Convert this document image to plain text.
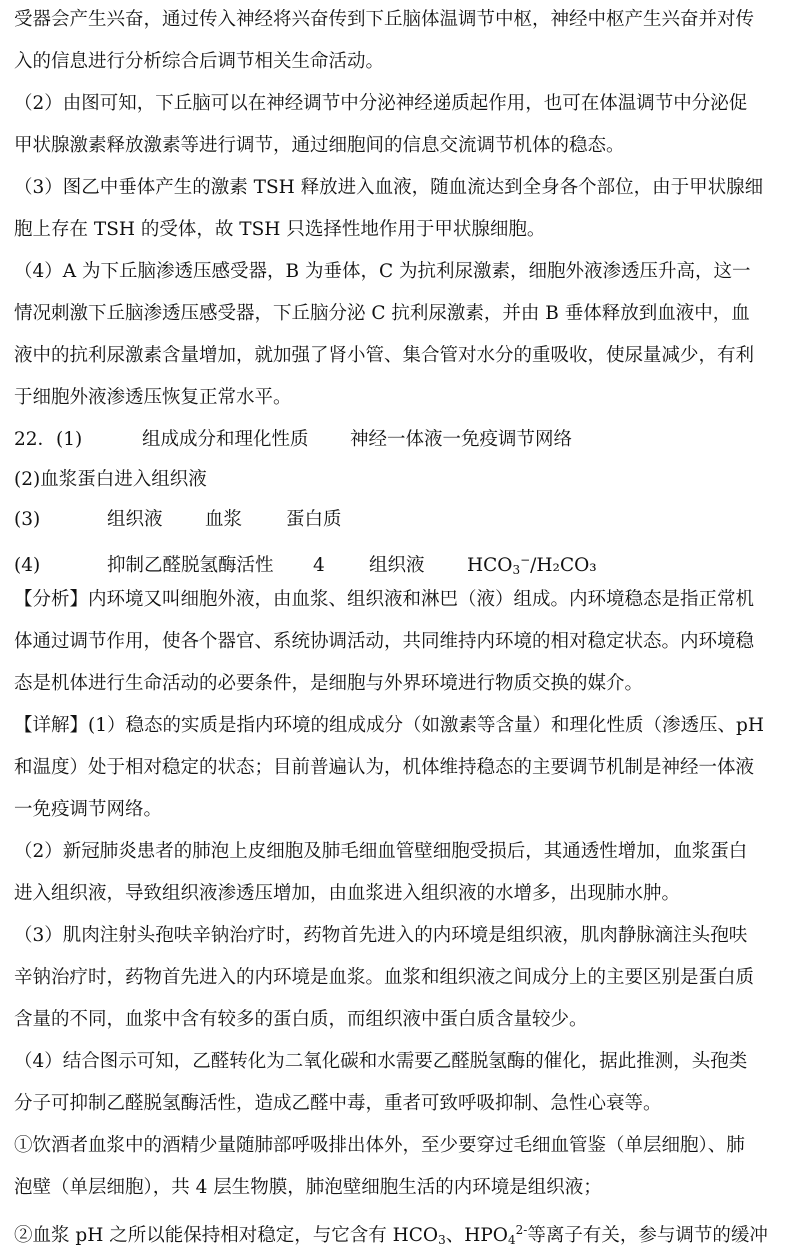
受器会产生兴奋，通过传入神经将兴奋传到下丘脑体温调节中枢，神经中枢产生兴奋并对传
入的信息进行分析综合后调节相关生命活动。
（2）由图可知，下丘脑可以在神经调节中分泌神经递质起作用，也可在体温调节中分泌促
甲状腺激素释放激素等进行调节，通过细胞间的信息交流调节机体的稳态。
（3）图乙中垂体产生的激素 TSH 释放进入血液，随血流达到全身各个部位，由于甲状腺细
胞上存在 TSH 的受体，故 TSH 只选择性地作用于甲状腺细胞。
（4）A 为下丘脑渗透压感受器，B 为垂体，C 为抗利尿激素，细胞外液渗透压升高，这一
情况刺激下丘脑渗透压感受器，下丘脑分泌 C 抗利尿激素，并由 B 垂体释放到血液中，血
液中的抗利尿激素含量增加，就加强了肾小管、集合管对水分的重吸收，使尿量减少，有利
于细胞外液渗透压恢复正常水平。
22．(1)	组成成分和理化性质 神经一体液一免疫调节网络
(2)血浆蛋白进入组织液
(3)	组织液 血浆 蛋白质
(4)	抑制乙醛脱氢酶活性 4 组织液 $HCO_3^-$/H₂CO₃
【分析】内环境又叫细胞外液，由血浆、组织液和淋巴（液）组成。内环境稳态是指正常机
体通过调节作用，使各个器官、系统协调活动，共同维持内环境的相对稳定状态。内环境稳
态是机体进行生命活动的必要条件，是细胞与外界环境进行物质交换的媒介。
【详解】(1）稳态的实质是指内环境的组成成分（如激素等含量）和理化性质（渗透压、pH
和温度）处于相对稳定的状态；目前普遍认为，机体维持稳态的主要调节机制是神经一体液
一免疫调节网络。
（2）新冠肺炎患者的肺泡上皮细胞及肺毛细血管壁细胞受损后，其通透性增加，血浆蛋白
进入组织液，导致组织液渗透压增加，由血浆进入组织液的水增多，出现肺水肿。
（3）肌肉注射头孢呋辛钠治疗时，药物首先进入的内环境是组织液，肌肉静脉滴注头孢呋
辛钠治疗时，药物首先进入的内环境是血浆。血浆和组织液之间成分上的主要区别是蛋白质
含量的不同，血浆中含有较多的蛋白质，而组织液中蛋白质含量较少。
（4）结合图示可知，乙醛转化为二氧化碳和水需要乙醛脱氢酶的催化，据此推测，头孢类
分子可抑制乙醛脱氢酶活性，造成乙醛中毒，重者可致呼吸抑制、急性心衰等。
①饮酒者血浆中的酒精少量随肺部呼吸排出体外，至少要穿过毛细血管鉴（单层细胞）、肺
泡壁（单层细胞），共 4 层生物膜，肺泡壁细胞生活的内环境是组织液；
②血浆 pH 之所以能保持相对稳定，与它含有 $HCO_3$、$HPO_4^{2-}$等离子有关，参与调节的缓冲
